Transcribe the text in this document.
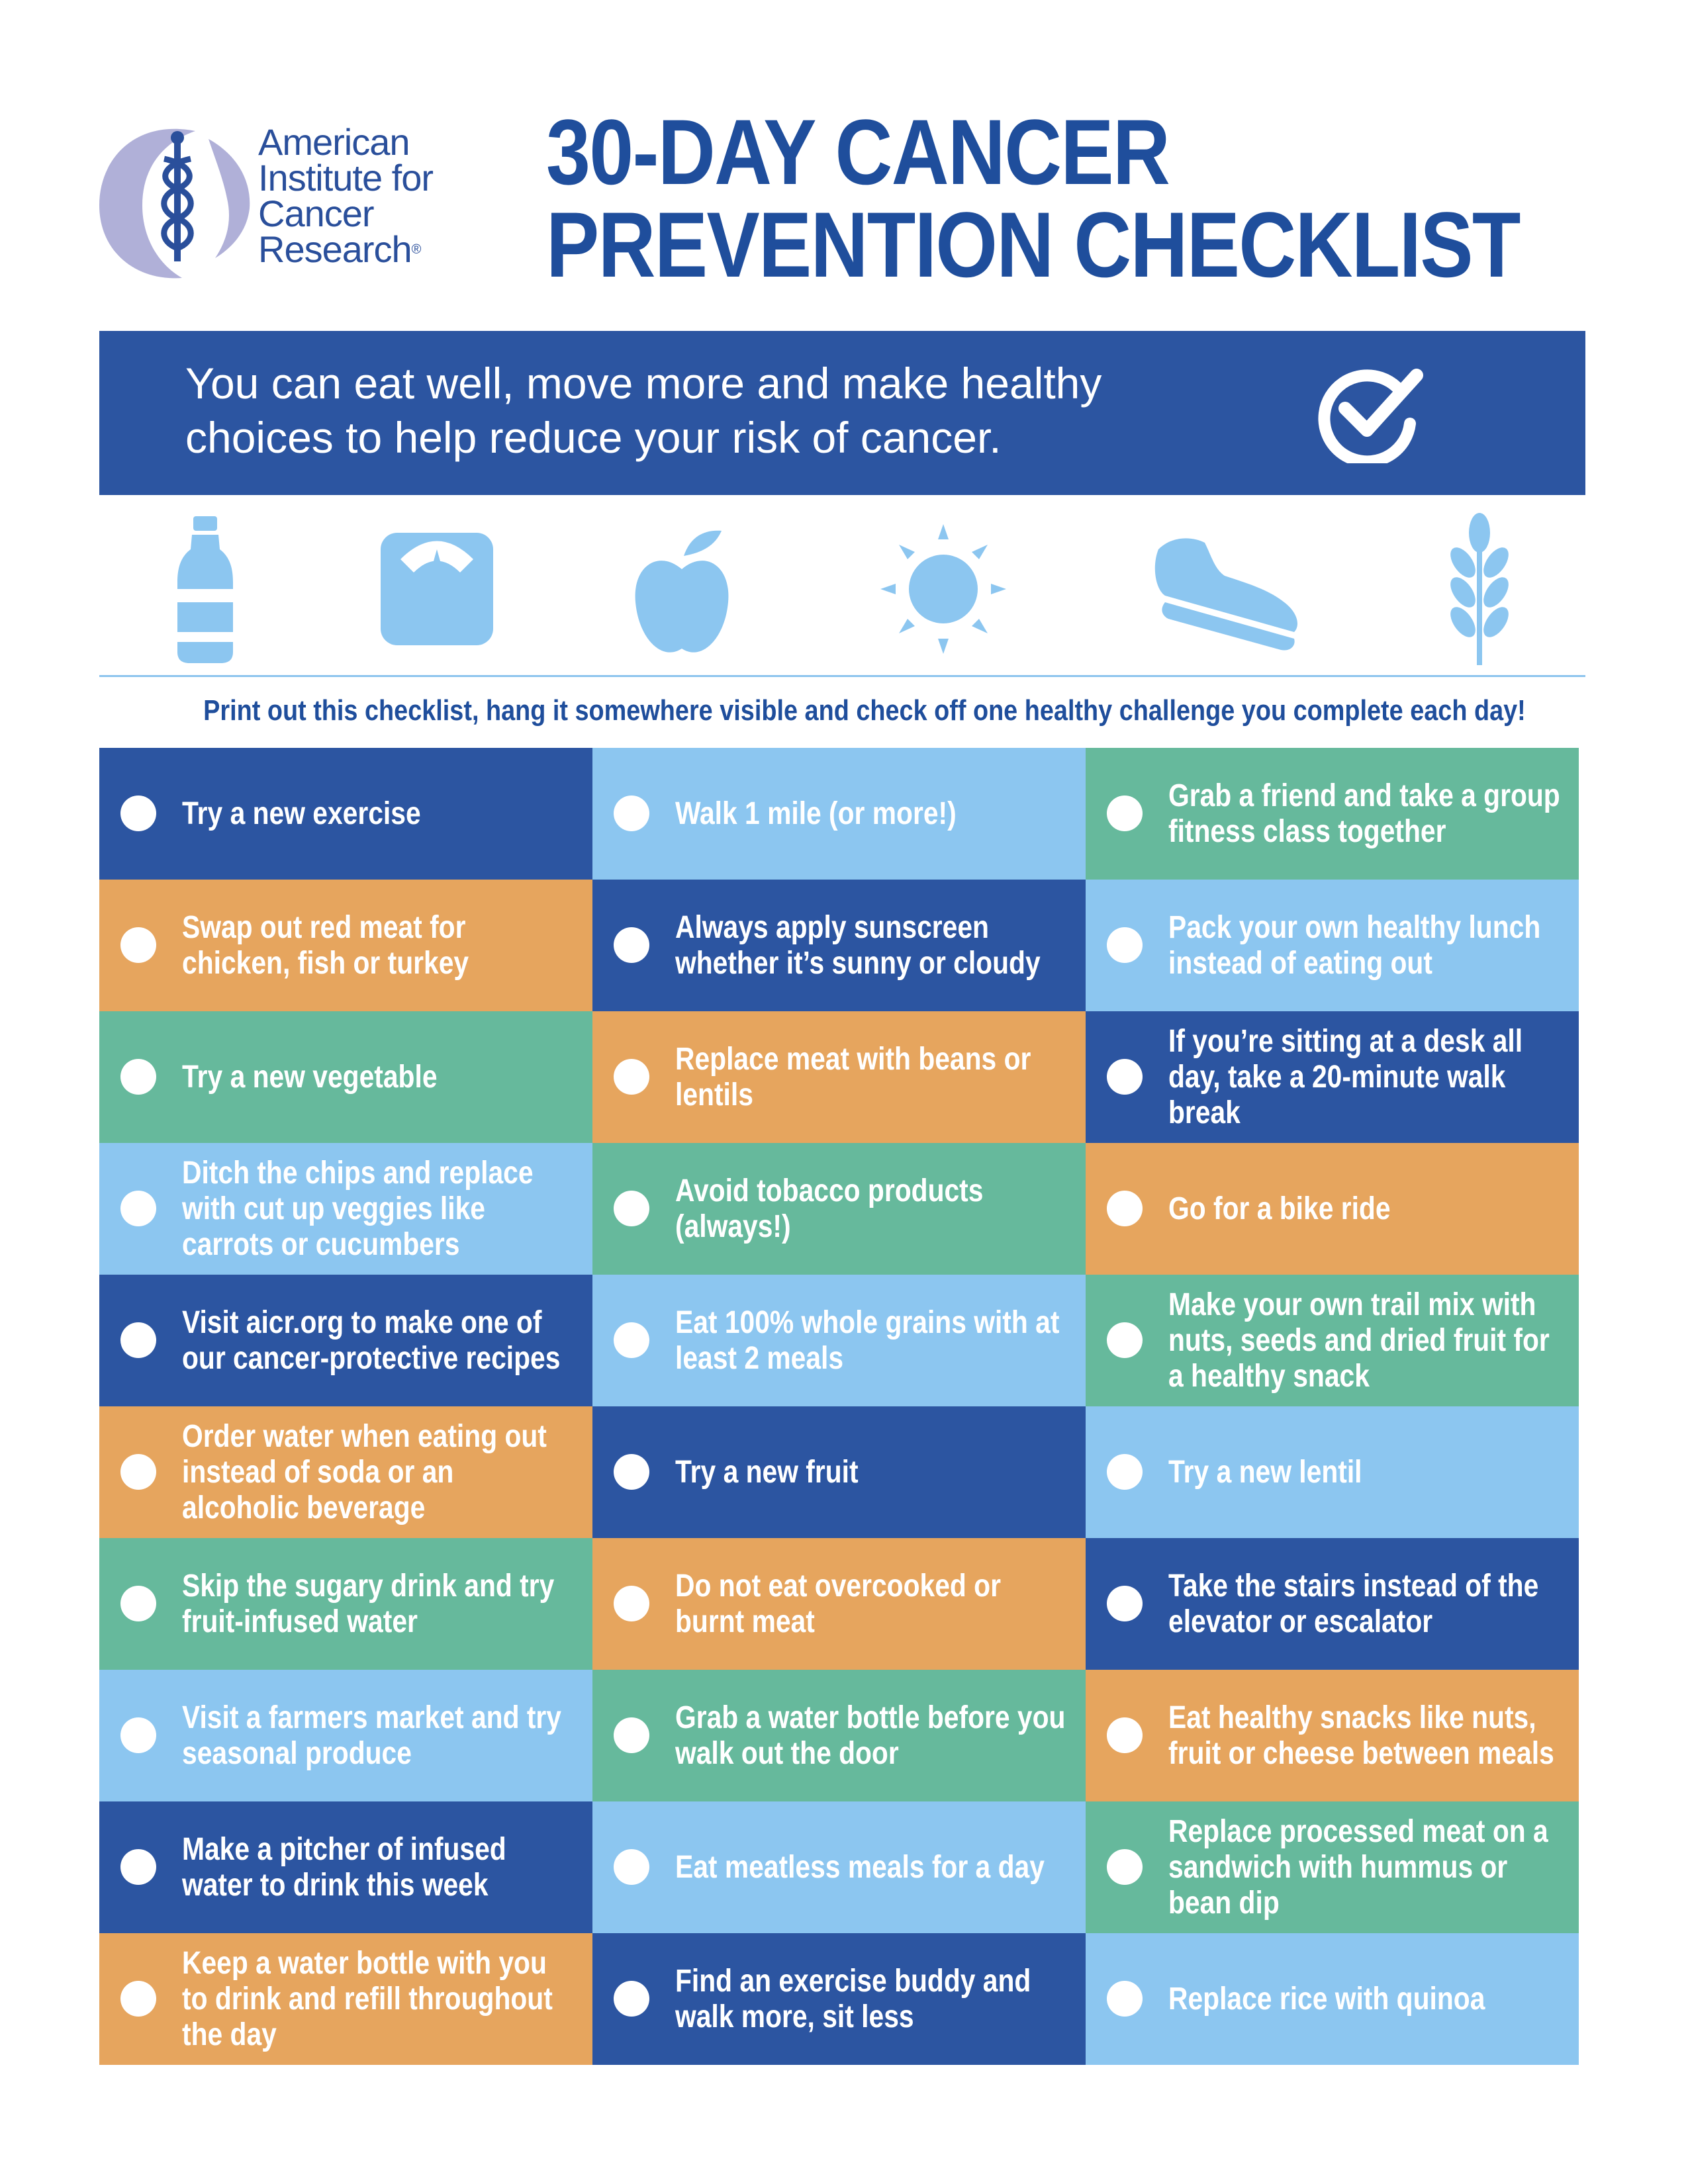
American
Institute for
Cancer
Research®
30-DAY CANCER
PREVENTION CHECKLIST
You can eat well, move more and make healthy
choices to help reduce your risk of cancer.
Print out this checklist, hang it somewhere visible and check off one healthy challenge you complete each day!
Try a new exercise	Walk 1 mile (or more!)
Grab a friend and take a group fitness class together
Swap out red meat for chicken, fish or turkey
Always apply sunscreen whether it’s sunny or cloudy
Pack your own healthy lunch instead of eating out
Try a new vegetable
Replace meat with beans or lentils
If you’re sitting at a desk all day, take a 20-minute walk break
Ditch the chips and replace with cut up veggies like carrots or cucumbers
Avoid tobacco products (always!)
Go for a bike ride
Visit aicr.org to make one of our cancer-protective recipes
Eat 100% whole grains with at least 2 meals
Make your own trail mix with nuts, seeds and dried fruit for a healthy snack
Order water when eating out instead of soda or an alcoholic beverage
Try a new fruit	Try a new lentil
Skip the sugary drink and try fruit-infused water
Do not eat overcooked or burnt meat
Take the stairs instead of the elevator or escalator
Visit a farmers market and try seasonal produce
Grab a water bottle before you walk out the door
Eat healthy snacks like nuts, fruit or cheese between meals
Make a pitcher of infused water to drink this week
Eat meatless meals for a day
Replace processed meat on a sandwich with hummus or bean dip
Keep a water bottle with you to drink and refill throughout the day
Find an exercise buddy and walk more, sit less
Replace rice with quinoa
